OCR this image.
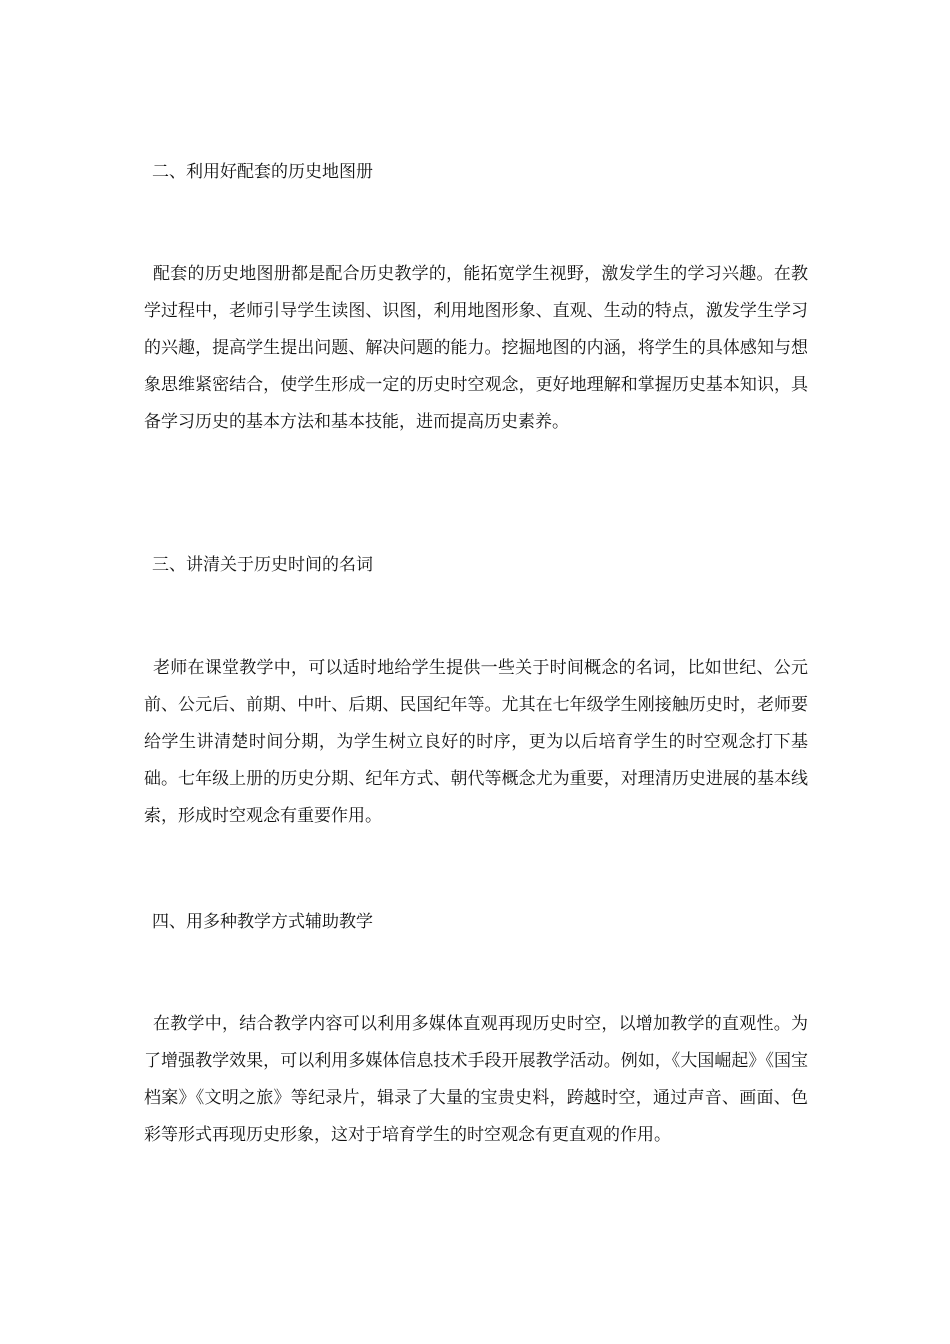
二、利用好配套的历史地图册

配套的历史地图册都是配合历史教学的，能拓宽学生视野，激发学生的学习兴趣。在教学过程中，老师引导学生读图、识图，利用地图形象、直观、生动的特点，激发学生学习的兴趣，提高学生提出问题、解决问题的能力。挖掘地图的内涵，将学生的具体感知与想象思维紧密结合，使学生形成一定的历史时空观念，更好地理解和掌握历史基本知识，具备学习历史的基本方法和基本技能，进而提高历史素养。

三、讲清关于历史时间的名词

老师在课堂教学中，可以适时地给学生提供一些关于时间概念的名词，比如世纪、公元前、公元后、前期、中叶、后期、民国纪年等。尤其在七年级学生刚接触历史时，老师要给学生讲清楚时间分期，为学生树立良好的时序，更为以后培育学生的时空观念打下基础。七年级上册的历史分期、纪年方式、朝代等概念尤为重要，对理清历史进展的基本线索，形成时空观念有重要作用。

四、用多种教学方式辅助教学

在教学中，结合教学内容可以利用多媒体直观再现历史时空，以增加教学的直观性。为了增强教学效果，可以利用多媒体信息技术手段开展教学活动。例如，《大国崛起》《国宝档案》《文明之旅》等纪录片，辑录了大量的宝贵史料，跨越时空，通过声音、画面、色彩等形式再现历史形象，这对于培育学生的时空观念有更直观的作用。
